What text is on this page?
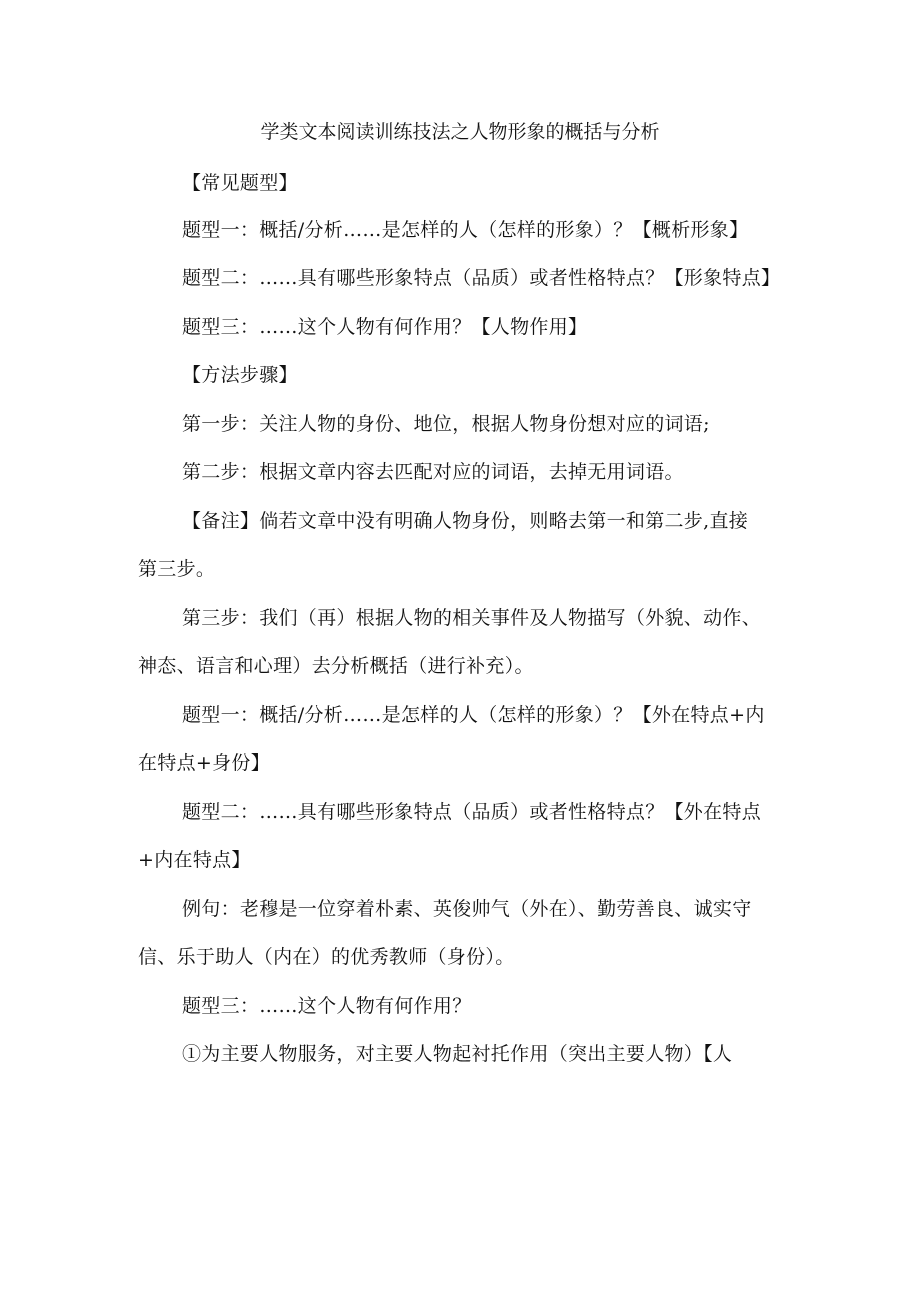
学类文本阅读训练技法之人物形象的概括与分析
【常见题型】
题型一：概括/分析……是怎样的人（怎样的形象）？【概析形象】
题型二：……具有哪些形象特点（品质）或者性格特点？【形象特点】
题型三：……这个人物有何作用？【人物作用】
【方法步骤】
第一步：关注人物的身份、地位，根据人物身份想对应的词语;
第二步：根据文章内容去匹配对应的词语，去掉无用词语。
【备注】倘若文章中没有明确人物身份，则略去第一和第二步,直接
第三步。
第三步：我们（再）根据人物的相关事件及人物描写（外貌、动作、
神态、语言和心理）去分析概括（进行补充）。
题型一：概括/分析……是怎样的人（怎样的形象）？【外在特点+内
在特点+身份】
题型二：……具有哪些形象特点（品质）或者性格特点？【外在特点
+内在特点】
例句：老穆是一位穿着朴素、英俊帅气（外在）、勤劳善良、诚实守
信、乐于助人（内在）的优秀教师（身份）。
题型三：……这个人物有何作用？
①为主要人物服务，对主要人物起衬托作用（突出主要人物）【人
